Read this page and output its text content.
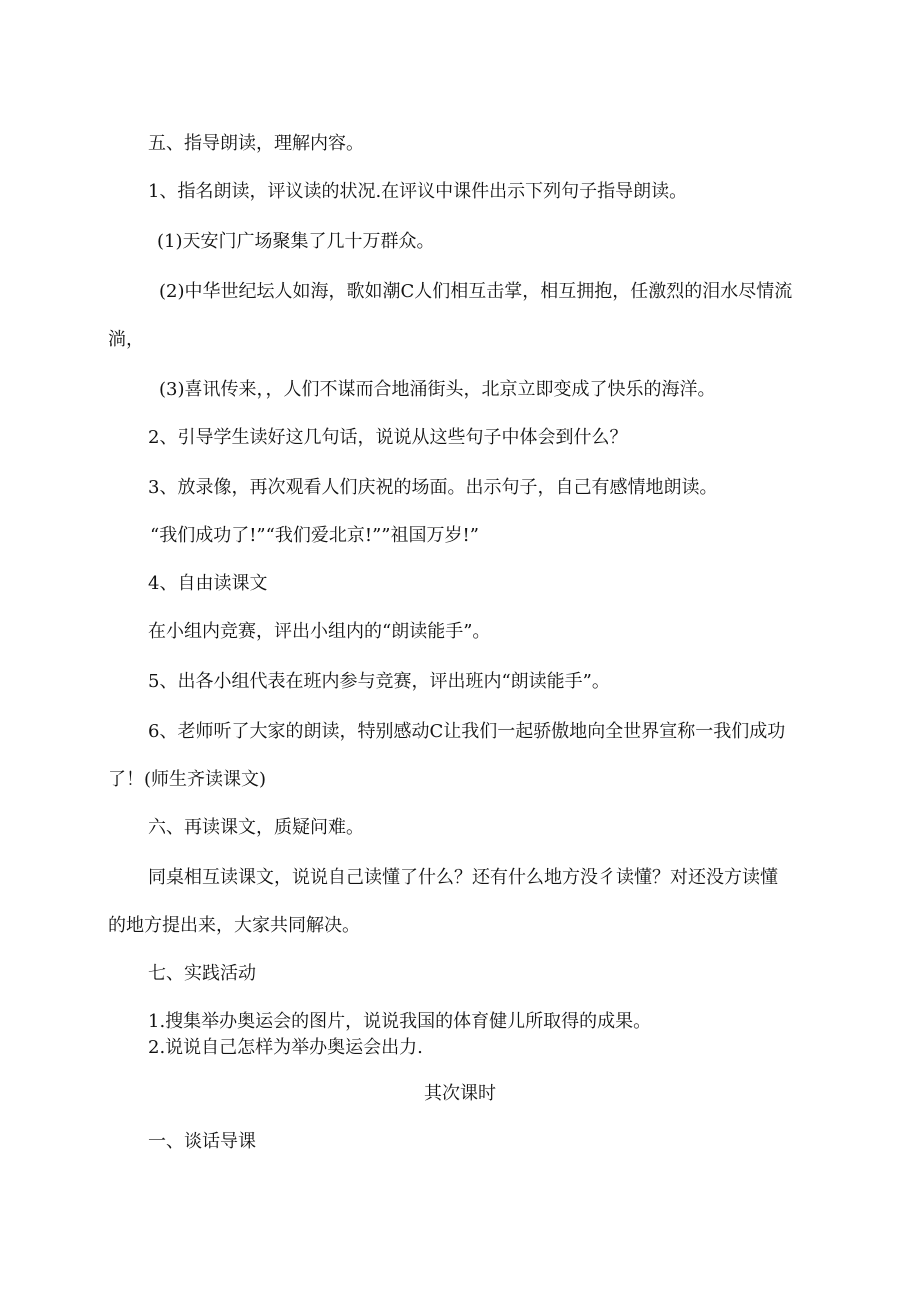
五、指导朗读，理解内容。
1、指名朗读，评议读的状况.在评议中课件出示下列句子指导朗读。
(1)天安门广场聚集了几十万群众。
(2)中华世纪坛人如海，歌如潮C人们相互击掌，相互拥抱，任激烈的泪水尽情流
淌，
(3)喜讯传来，，人们不谋而合地涌街头，北京立即变成了快乐的海洋。
2、引导学生读好这几句话，说说从这些句子中体会到什么？
3、放录像，再次观看人们庆祝的场面。出示句子，自己有感情地朗读。
“我们成功了!”“我们爱北京!””祖国万岁!”
4、自由读课文
在小组内竞赛，评出小组内的“朗读能手”。
5、出各小组代表在班内参与竞赛，评出班内“朗读能手”。
6、老师听了大家的朗读，特别感动C让我们一起骄傲地向全世界宣称一我们成功
了！(师生齐读课文)
六、再读课文，质疑问难。
同桌相互读课文，说说自己读懂了什么？还有什么地方没彳读懂？对还没方读懂
的地方提出来，大家共同解决。
七、实践活动
1.搜集举办奥运会的图片，说说我国的体育健儿所取得的成果。
2.说说自己怎样为举办奥运会出力.
其次课时
一、谈话导课
